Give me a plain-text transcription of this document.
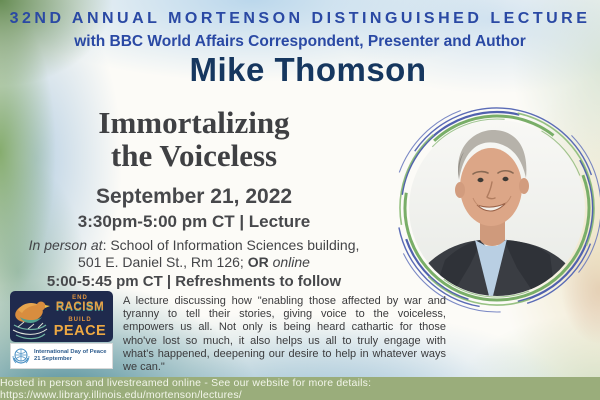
32ND ANNUAL MORTENSON DISTINGUISHED LECTURE
with BBC World Affairs Correspondent, Presenter and Author
Mike Thomson
Immortalizing
the Voiceless
September 21, 2022
3:30pm-5:00 pm CT | Lecture
In person at: School of Information Sciences building,
501 E. Daniel St., Rm 126; OR online
5:00-5:45 pm CT | Refreshments to follow
A lecture discussing how "enabling those affected by war and tyranny to tell their stories, giving voice to the voiceless, empowers us all. Not only is being heard cathartic for those who've lost so much, it also helps us all to truly engage with what's happened, deepening our desire to help in whatever ways we can."
END
RACISM
BUILD
PEACE
International Day of Peace
21 September
Hosted in person and livestreamed online - See our website for more details: https://www.library.illinois.edu/mortenson/lectures/
